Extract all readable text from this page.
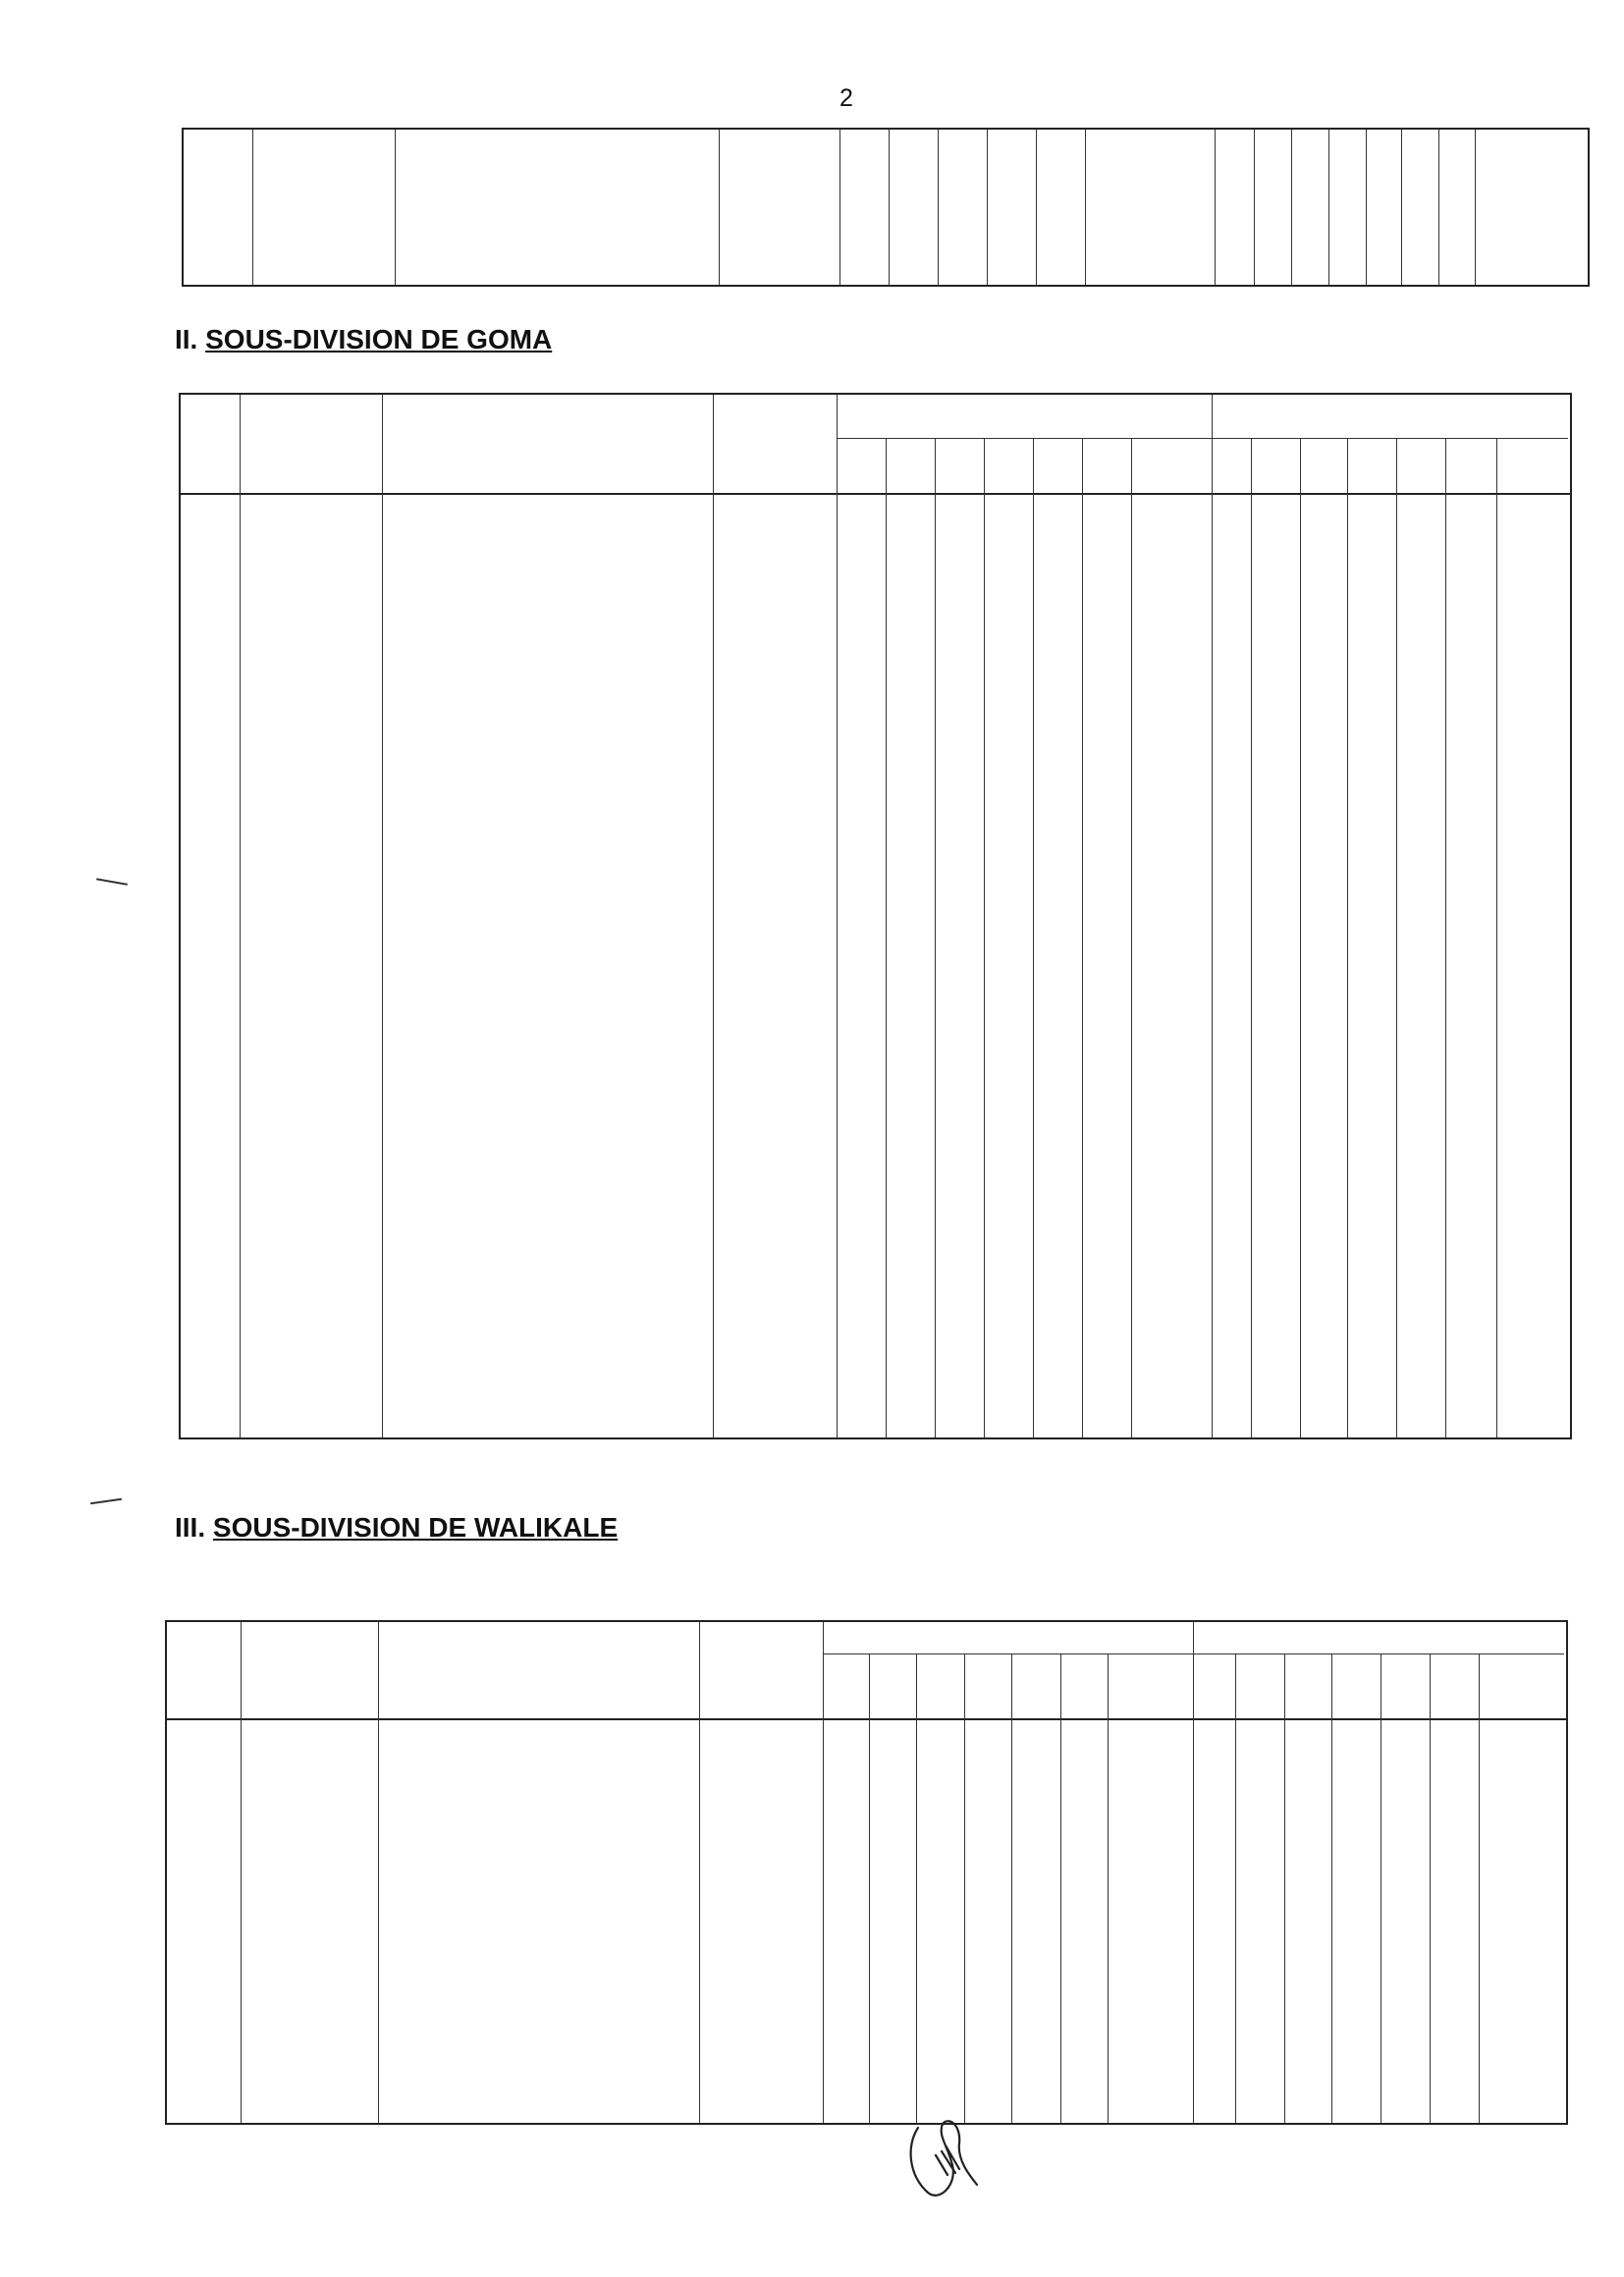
2
II. SOUS-DIVISION DE GOMA
III. SOUS-DIVISION DE WALIKALE
